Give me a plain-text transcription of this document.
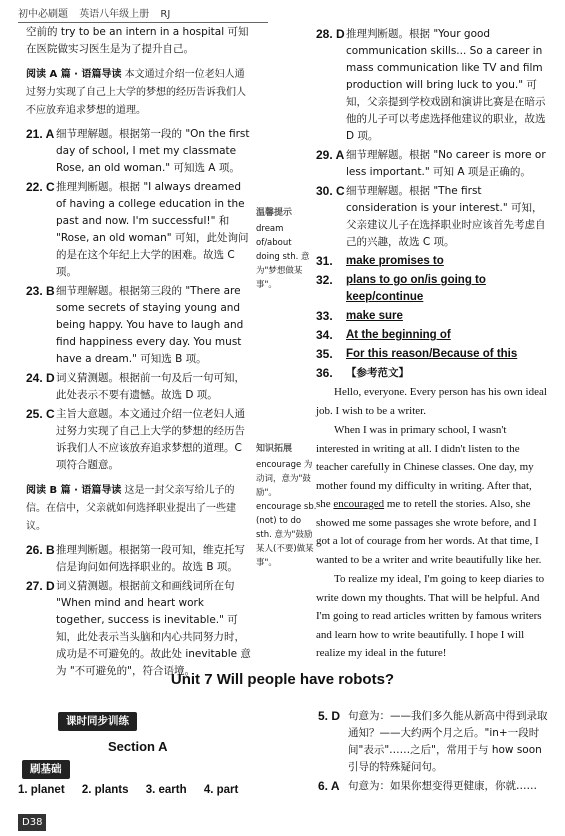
初中必刷题 英语八年级上册 RJ

空前的 try to be an intern in a hospital 可知在医院做实习医生是为了提升自己。

阅读 A 篇 · 语篇导读 本文通过介绍一位老妇人通过努力实现了自己上大学的梦想的经历告诉我们人不应放弃追求梦想的道理。

21. A 细节理解题。根据第一段的 "On the first day of school, I met my classmate Rose, an old woman." 可知选 A 项。
22. C 推理判断题。根据 "I always dreamed of having a college education in the past and now. I'm successful!" 和 "Rose, an old woman" 可知，此处询问的是在这个年纪上大学的困难。故选 C 项。
23. B 细节理解题。根据第三段的 "There are some secrets of staying young and being happy. You have to laugh and find happiness every day. You must have a dream." 可知选 B 项。
24. D 词义猜测题。根据前一句及后一句可知，此处表示不要有遗憾。故选 D 项。
25. C 主旨大意题。本文通过介绍一位老妇人通过努力实现了自己上大学的梦想的经历告诉我们人不应该放弃追求梦想的道理。C 项符合题意。

阅读 B 篇 · 语篇导读 这是一封父亲写给儿子的信。在信中，父亲就如何选择职业提出了一些建议。

26. B 推理判断题。根据第一段可知，维克托写信是询问如何选择职业的。故选 B 项。
27. D 词义猜测题。根据前文和画线词所在句 "When mind and heart work together, success is inevitable." 可知，此处表示当头脑和内心共同努力时，成功是不可避免的。故此处 inevitable 意为 "不可避免的"，符合语境。
温馨提示

dream of/about doing sth. 意为"梦想做某事"。

知识拓展

encourage 为动词，意为"鼓励"。encourage sb. (not) to do sth. 意为"鼓励某人(不要)做某事"。

28. D 推理判断题。根据 "Your good communication skills... So a career in mass communication like TV and film production will bring luck to you." 可知，父亲提到学校戏剧和演讲比赛是在暗示他的儿子可以考虑选择他建议的职业，故选 D 项。
29. A 细节理解题。根据 "No career is more or less important." 可知 A 项是正确的。
30. C 细节理解题。根据 "The first consideration is your interest." 可知，父亲建议儿子在选择职业时应该首先考虑自己的兴趣，故选 C 项。
31.	make promises to
32.	plans to go on/is going to keep/continue
33.	make sure
34.	At the beginning of
35.	For this reason/Because of this
36.	【参考范文】

Hello, everyone. Every person has his own ideal job. I wish to be a writer.

When I was in primary school, I wasn't interested in writing at all. I didn't listen to the teacher carefully in Chinese classes. One day, my mother found my difficulty in writing. After that, she encouraged me to retell the stories. Also, she showed me some passages she wrote before, and I got a lot of courage from her words. At that time, I wanted to be a writer and write beautifully like her.

To realize my ideal, I'm going to keep diaries to write down my thoughts. That will be helpful. And I'm going to read articles written by famous writers and learn how to write beautifully. I hope I will realize my ideal in the future!

Unit 7 Will people have robots?
课时同步训练
Section A
刷基础
1. planet 2. plants 3. earth 4. part
5. D 句意为：——我们多久能从新高中得到录取通知？——大约两个月之后。"in+一段时间"表示"……之后"，常用于与 how soon 引导的特殊疑问句。
6. A 句意为：如果你想变得更健康，你就……
D38
